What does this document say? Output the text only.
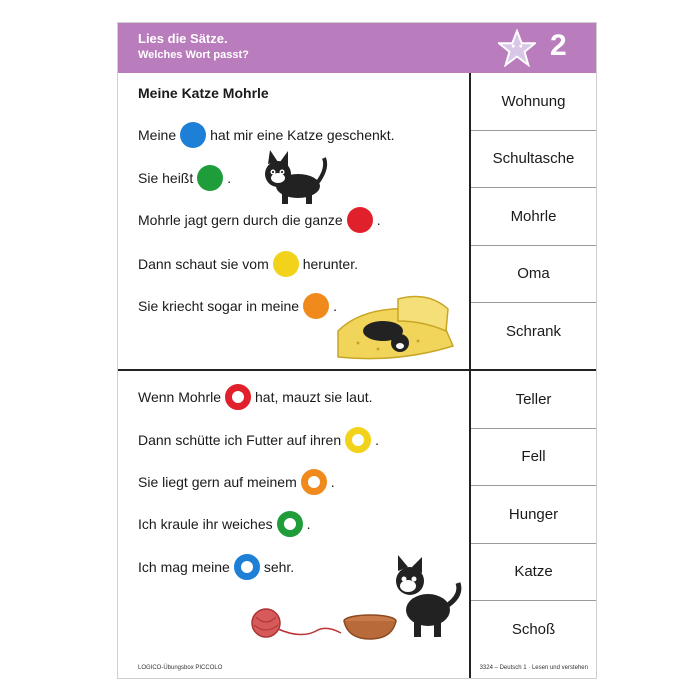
Lies die Sätze.
Welches Wort passt?	2
Meine Katze Mohrle
Meine hat mir eine Katze geschenkt.
Sie heißt .
Mohrle jagt gern durch die ganze .
Dann schaut sie vom herunter.
Sie kriecht sogar in meine .
Wenn Mohrle hat, mauzt sie laut.
Dann schütte ich Futter auf ihren .
Sie liegt gern auf meinem .
Ich kraule ihr weiches .
Ich mag meine sehr.
Wohnung
Schultasche
Mohrle
Oma
Schrank
Teller
Fell
Hunger
Katze
Schoß
LOGICO-Übungsbox PICCOLO	3324 – Deutsch 1 · Lesen und verstehen
